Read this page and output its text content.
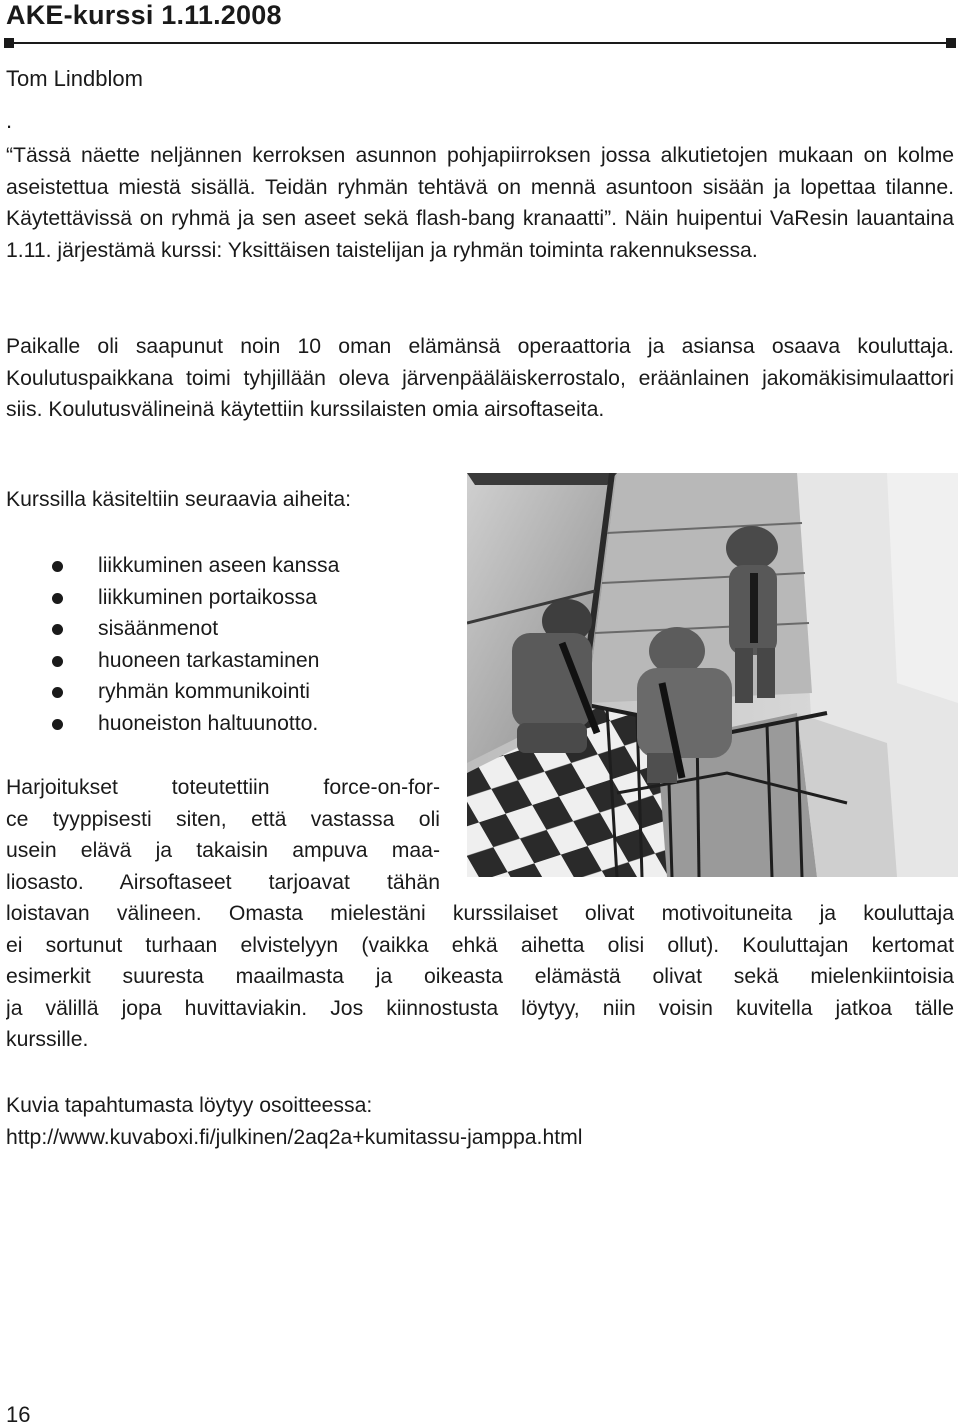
AKE-kurssi 1.11.2008
Tom Lindblom
.
“Tässä näette neljännen kerroksen asunnon pohjapiirroksen jossa alkutietojen mukaan on kolme aseistettua miestä sisällä. Teidän ryhmän tehtävä on mennä asuntoon sisään ja lopettaa tilanne. Käytettävissä on ryhmä ja sen aseet sekä flash-bang kranaatti”. Näin huipentui VaResin lauantaina 1.11. järjestämä kurssi: Yksittäisen taistelijan ja ryhmän toiminta rakennuksessa.
Paikalle oli saapunut noin 10 oman elämänsä operaattoria ja asiansa osaava kouluttaja. Koulutuspaikkana toimi tyhjillään oleva järvenpääläiskerrostalo, eräänlainen jakomäkisimulaattori siis. Koulutusvälineinä käytettiin kurssilaisten omia airsoftaseita.
Kurssilla käsiteltiin seuraavia aiheita:
liikkuminen aseen kanssa
liikkuminen portaikossa
sisäänmenot
huoneen tarkastaminen
ryhmän kommunikointi
huoneiston haltuunotto.
Harjoitukset toteutettiin force-on-for-
ce tyyppisesti siten, että vastassa oli
usein elävä ja takaisin ampuva maa-
liosasto. Airsoftaseet tarjoavat tähän
loistavan välineen. Omasta mielestäni kurssilaiset olivat motivoituneita ja kouluttaja
ei sortunut turhaan elvistelyyn (vaikka ehkä aihetta olisi ollut). Kouluttajan kertomat
esimerkit suuresta maailmasta ja oikeasta elämästä olivat sekä mielenkiintoisia
ja välillä jopa huvittaviakin. Jos kiinnostusta löytyy, niin voisin kuvitella jatkoa tälle
kurssille.
Kuvia tapahtumasta löytyy osoitteessa:
http://www.kuvaboxi.fi/julkinen/2aq2a+kumitassu-jamppa.html
16
